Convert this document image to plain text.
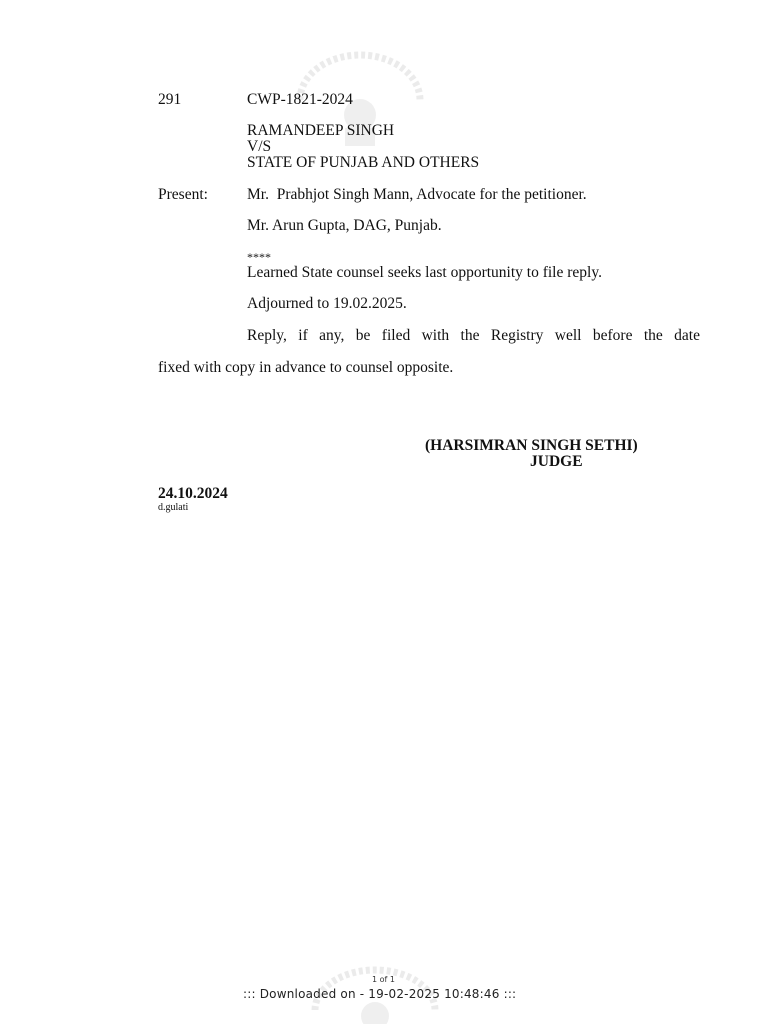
291	CWP-1821-2024
RAMANDEEP SINGH
V/S
STATE OF PUNJAB AND OTHERS
Present:	Mr.  Prabhjot Singh Mann, Advocate for the petitioner.
Mr. Arun Gupta, DAG, Punjab.
****
Learned State counsel seeks last opportunity to file reply.
Adjourned to 19.02.2025.
Reply, if any, be filed with the Registry well before the date
fixed with copy in advance to counsel opposite.
(HARSIMRAN SINGH SETHI)
JUDGE
24.10.2024
d.gulati
1 of 1
::: Downloaded on - 19-02-2025 10:48:46 :::
